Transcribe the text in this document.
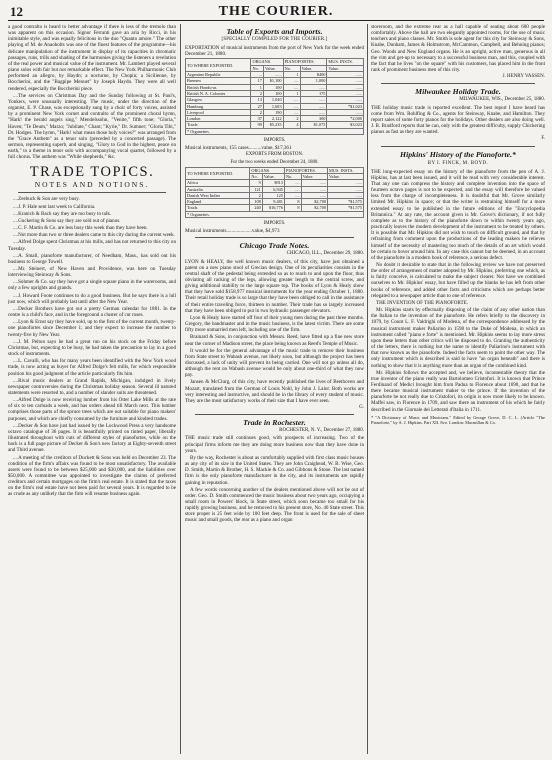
12	THE COURIER.

a good contralto is heard to better advantage if there is less of the tremolo than was apparent on this occasion. Signor Ferranti gave an aria by Ricci, in his inimitable style, and was equally felicitous in the duo "Quanto amore." The other playing of M. de Anaoholts was one of the finest features of the programme—his delicate manipulation of the instrument in display of its capacities in chromatic passages, runs, trills and shading of the harmonies giving the listeners a revelation of the real power and musical value of the instrument. Mr. Lambert played several piano solos with fair but not remarkable effect. The New York Philharmonic Club performed an allegro, by Haydn; a nocturne, by Chopin; a Sicilienne, by Boccherini, and the "Bagpipe Menuet" by Joseph Haydn. They were all well rendered, especially the Boccherini piece.

....The services on Christmas Day and the Sunday following at St. Paul's, Yonkers, were unusually interesting. The music, under the direction of the organist, E. P. Chase, was exceptionally sung by a choir of forty voices, assisted by a prominent New York cornet and contralto of the prominent choral hymn, "Hark! the herald angels sing," Mendelssohn, "Venite," fifth tone; "Gloria," Haven; "Te Deum," Marzo; "Jubilate," Chant; "Kyrie," Dr. Sumner; "Gloria Tibi," Dr. Hodges. The hymn, "Hark! what mean those holy voices?" was arranged from the "Grace Anthem" as a tenor solo (preceded by a concerted passage). The sermon, representing superb, and singing, "Glory to God in the highest, peace on earth," to a theme in tenor solo with accompanying vocal quartet, followed by a full chorus. The anthem was "While shepherds," &c.

TRADE TOPICS.
NOTES AND NOTIONS.

....Zeebuck & Son are very busy.

....J. P. Hale sent last week to California.

....Kranich & Bach say they are too busy to talk.

....Guckering & Sons say they are sold out of pianos.

....C. F. Martin & Co. are less busy this week than they have been.

....Not more than two or three dealers came to this city during the current week.

....Alfred Dolge spent Christmas at his mills, and has not returned to this city on Tuesday.

....A. Small, pianoforte manufacturer, of Needham, Mass., has sold out his business to George Towell.

....Mr. Steinert, of New Haven and Providence, was here on Tuesday interviewing Steinway & Sons.

....Sohmer & Co. say they have got a single square piano in the warerooms, and only a few uprights and grands.

....J. Howard Foote continues to do a good business. But he says there is a lull just now, which will probably last until after the New Year.

....Decker Brothers have got out a pretty German calendar for 1881. In the centre is a child's face, and in the foreground a cluster of cut roses.

....Lyon & Ernst say they have sold, up to the first of the current month, twenty-one pianofortes since December 1; and they expect to increase the number to twenty-five by New Year.

....J. M. Pelton says he had a great run on his stock on the Friday before Christmas, but, expecting to be busy, he had taken the precaution to lay in a good stock of instruments.

....L. Cavalli, who has for many years been identified with the New York wood trade, is now acting as buyer for Alfred Dolge's felt mills, for which responsible position his good judgment of the article particularly fits him.

....Rival music dealers at Grand Rapids, Michigan, indulged in lively newspaper controversies during the Christmas holiday season. Several ill natured statements were resorted to, and a number of slander suits are threatened.

....Alfred Dolge is now receiving lumber from his Otter Lake Mills at the rate of six to ten carloads a week, and has orders ahead till March next. This lumber comprises those parts of the spruce trees which are not suitable for piano makers' purposes, and which are chiefly consumed by the furniture and kindred trades.

....Decker & Son have just had issued by the Lockwood Press a very handsome octavo catalogue of 36 pages. It is beautifully printed on tinted paper, liberally illustrated throughout with cuts of different styles of pianofortes, while on the back is a full page picture of Decker & Son's new factory at Eighty-seventh street and Third avenue.

....A meeting of the creditors of Duckett & Sons was held on December 23. The condition of the firm's affairs was found to be most unsatisfactory. The available assets were found to be between $25,000 and $30,000, and the liabilities over $50,000. A committee was appointed to investigate the claims of preferred creditors and certain mortgages on the firm's real estate. It is stated that the taxes on the firm's real estate have not been paid for several years. It is regarded to be as crude as any unlikely that the firm will resume business again.

Table of Exports and Imports.
[SPECIALLY COMPILED FOR THE COURIER.]

EXPORTATION of musical instruments from the port of New York for the week ended December 21, 1880.

TO WHERE EXPORTED.	ORGANS.		PIANOFORTES.		MUS. INSTS.
	No.	Value.	No.	Value.	Value.
Argentine Republic	...	......	1	$400	......
Bremen	17	$1,100	....	1,000	......
British Hondu-as	1	100	....	......	......
British N. A. Colonies	2	100	1	175	......
Glasgow	13	1,040	....	......	......
Hamburg	27	1,683	....	......	*$1,023
Liverpool	2	190	....	......	......
London	37	2,122	2	300	*2,000
Totals	99	$5,235	4	$1,075	$3,023
* Organettes.					
IMPORTS.

Musical instruments, 155 cases..........value, $17,361

EXPORTS FROM BOSTON.
For the two weeks ended December 24, 1880.
TO WHERE EXPORTED.	ORGANS.		PIANOFORTES.		MUS. INSTS.
	No.	Value.	No.	Value.	Value.
Africa	9	$913	....	......	......
Australia	121	6,945	....	......	......
Danish West Indies	2	125	....	......	......
England	108	9,481	8	$2,700	*$1,575
Totals	240	$16,776	8	$2,700	*$1,575
* Organettes.					
IMPORTS.

Musical instruments....................value, $4,973

Chicago Trade Notes.
CHICAGO, ILL., December 29, 1880.

LYON & HEALY, the well known music dealers, of this city, have just obtained a patent on a new piano stool of Grecian design. One of its peculiarities consists in the central shaft of the pedestal being extended so as to reach to and upon the floor, thus obviating all racking of the legs, allowing greater length to the central screw, and giving additional stability to the large square top. The books of Lyon & Healy show that they have sold $158,977 musical instruments for the year ending October 1, 1880. Their retail holiday trade is so large that they have been obliged to call in the assistance of their entire traveling force, thirteen in number. Their trade has so largely increased that they have been obliged to put in two hydraulic passenger elevators.

Lyon & Healy have started off four of their young men during the past three months. Gregory, the bandmaster and in the music business, is the latest victim. There are some fifty more unmarried men left, including one of the firm.

Brainard & Sons, in conjunction with Messrs. Reed, have fitted up a fine new store near the corner of Madison street, the place being known as Reed's Temple of Music.

It would be for the general advantage of the music trade to remove their business from State street to Wabash avenue, not likely soon, but although the project has been discussed, a lack of unity will prevent its being carried. One will not go unless all do, although the rent on Wabash avenue would be only about one-third of what they now pay.

Jansen & McClurg, of this city, have recently published the lives of Beethoven and Mozart, translated from the German of Louis Nohl, by John J. Lalor. Both works are very interesting and instructive, and should be in the library of every student of music. They are the most satisfactory works of their size that I have ever seen.

G.
Trade in Rochester.
ROCHESTER, N. Y., December 27, 1880.

THE music trade still continues good, with prospects of increasing. Two of the principal firms inform me they are doing more business now than they have done in years.

By the way, Rochester is about as comfortably supplied with first class music houses as any city of its size in the United States. They are John Craighead, W. B. Wise, Geo. D. Smith, Martin & Brother, H. S. Mackie & Co. and Gibbons & Stone. The last named firm is the only pianoforte manufacturer in the city, and its instruments are rapidly gaining in reputation.

A few words concerning another of the dealers mentioned above will not be out of order. Geo. D. Smith commenced the music business about two years ago, occupying a small room in Powers' block, in State street, which soon became too small for his rapidly growing business, and he removed to his present store, No. 40 State street. This store proper is 25 feet wide by 100 feet deep. The front is used for the sale of sheet music and small goods, the rear as a piano and organ

storeroom, and the extreme rear as a hall capable of seating about 600 people comfortably. Above the hall are two elegantly appointed rooms, for the use of music teachers and piano classes. Mr. Smith is sole agent for this city for Steinway & Sons, Knabe, Dunham, James & Holmstrom, McCammon, Campbell, and Behning pianos; Geo. Woods and New England organs. He is an upright, active man, generous in all the vim and get-up to necessary to a successful business man, and this, coupled with the fact that he lives "on the square" with his customers, has placed him in the front rank of prominent business men of this city.

J. HENRY VASSEN.
Milwaukee Holiday Trade.
MILWAUKEE, WIS., December 25, 1880.

THE holiday music trade is reported excellent. The best report I have heard has come from Wm. Rohlfing & Co., agents for Steinway, Knabe, and Hamilton. They report sales of some forty pianos for the holidays. Other dealers are also doing well. J. B. Bradford reports that he can, only with the greatest difficulty, supply Chickering pianos as fast as they are wanted.

F.
Hipkins' History of the Pianoforte.*
BY I. FINCK, M. BOYD.

THE long-expected essay on the history of the pianoforte from the pen of A. J. Hipkins, has at last been issued, and it will be read with very considerable interest. That any one can compress the history and complete invention into the space of fourteen octavo pages is not to be expected, and the essay will therefore be valued less from the charge of incompleteness. It is doubtful that Mr. Grove similarly limited Mr. Hipkins in space; or that the writer is restraining himself for a more extended essay to be published in the future editions of the "Encyclopedia Britannica." At any rate, the account given is Mr. Grove's dictionary, if not fully complete as to the history of the pianoforte down to within twenty years ago, practically leaves the modern development of the instrument to be treated by others. It is possible that Mr. Hipkins did not wish to touch on difficult ground, and that by refraining from comment upon the productions of the leading makers he relieves himself of the necessity of mastering too much of the details of an art which would be certain to hover around him. In any case this cannot but be deemed, in an account of the pianoforte in a modern book of reference, a serious defect.

No doubt it desirable to state that in the following review we have not preserved the order of arrangement of matter adopted by Mr. Hipkins, preferring one which, as is fairly conceive, is calculated to make the subject clearer. Nor have we combined ourselves to Mr. Hipkins' essay, but have filled up the blanks he has left from other books of reference, and added other facts and criticisms which are perhaps better relegated to a newspaper article than to one of reference.

THE INVENTION OF THE PIANOFORTE.

Mr. Hipkins starts by effectually disposing of the claim of any other nation than the Italian to the invention of the pianoforte. He refers briefly to the discovery in 1879, by Count L. F. Valdrighi of Modena, of the correspondence addressed by the musical instrument maker Paliarino in 1598 to the Duke of Modena, in which an instrument called "piano e forte" is mentioned. Mr. Hipkins seems to lay more stress upon these letters than other critics will be disposed to do. Granting the authenticity of the letters, there is nothing but the name to identify Paliarino's instrument with that now known as the pianoforte. Indeed the facts seem to point the other way. The only instrument which is described is said to have "an organ beneath" and there is nothing to show that it is anything more than an organ of the combined kind.

Mr. Hipkins follows the accepted and, we believe, incontestable theory that the true inventor of the piano really was Bartolomeo Cristofori. It is known that Prince Ferdinand of Medici brought him from Padua to Florence about 1690, and that he there became musical instrument maker to the prince. If the invention of the pianoforte be not really due to Cristofori, its origin is now more likely to be known. Maffei saw, in Florence in 1709, and saw there an instrument of his which he fairly described in the Giornale dei Letterati d'Italia in 1711.

* "A Dictionary of Music and Musicians." Edited by George Grove, D. C. L. (Article "The Pianoforte," by A. J. Hipkins. Part XII. 8vo. London: Macmillan & Co.
